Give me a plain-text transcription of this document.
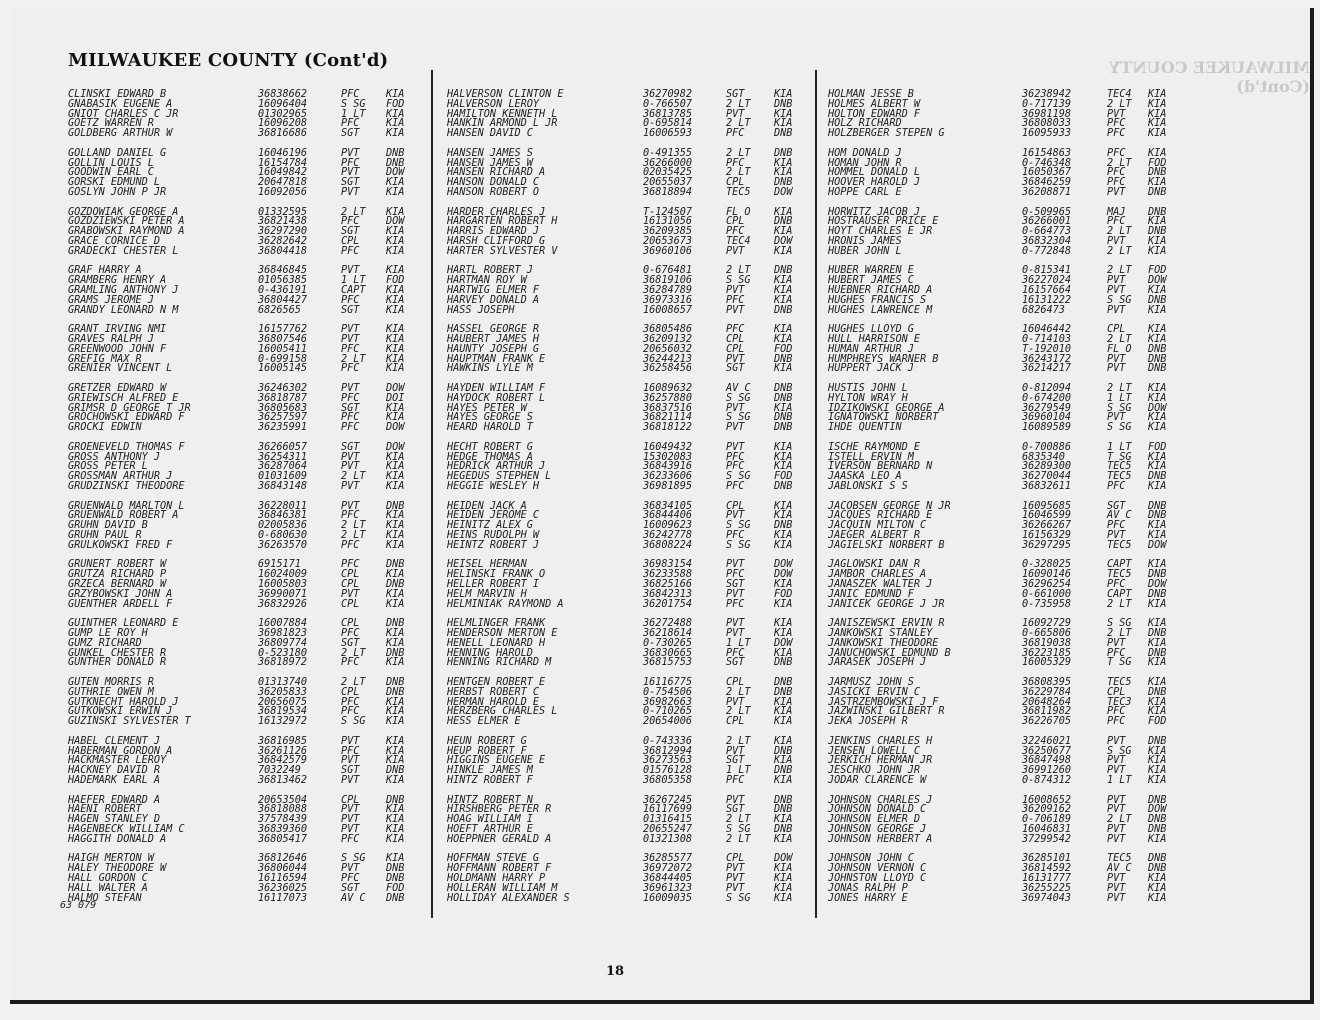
MILWAUKEE COUNTY (Cont'd)	MILWAUKEE COUNTY (Cont'd)
CLINSKI EDWARD B	36838662	PFC	KIA
GNABASIK EUGENE A	16096404	S SG FOD
GNIOT CHARLES C JR	01302965	1 LT KIA
GOETZ WARREN R	16096208	PFC	KIA
GOLDBERG ARTHUR W	36816686	SGT	KIA
GOLLAND DANIEL G	16046196	PVT	DNB
GOLLIN LOUIS L	16154784	PFC	DNB
GOODWIN EARL C	16049842	PVT	DOW
GORSKI EDMUND L	20647818	SGT	KIA
GOSLYN JOHN P JR	16092056	PVT	KIA
GOZDOWIAK GEORGE A	01332595	2 LT KIA
GOZDZIEWSKI PETER A	36821438	PFC	DOW
GRABOWSKI RAYMOND A	36297290	SGT	KIA
GRACE CORNICE D	36282642	CPL	KIA
GRADECKI CHESTER L	36804418	PFC	KIA
GRAF HARRY A	36846845	PVT	KIA
GRAMBERG HENRY A	01056385	1 LT FOD
GRAMLING ANTHONY J	0-436191	CAPT KIA
GRAMS JEROME J	36804427	PFC	KIA
GRANDY LEONARD N M	6826565	SGT	KIA
GRANT IRVING NMI	16157762	PVT	KIA
GRAVES RALPH J	36807546	PVT	KIA
GREENWOOD JOHN F	16005411	PFC	KIA
GREFIG MAX R	0-699158	2 LT KIA
GRENIER VINCENT L	16005145	PFC	KIA
GRETZER EDWARD W	36246302	PVT	DOW
GRIEWISCH ALFRED E	36818787	PFC	DOI
GRIMSR D GEORGE T JR	36805683	SGT	KIA
GROCHOWSKI EDWARD F	36257597	PFC	KIA
GROCKI EDWIN	36235991	PFC	DOW
GROENEVELD THOMAS F	36266057	SGT	DOW
GROSS ANTHONY J	36254311	PVT	KIA
GROSS PETER L	36287064	PVT	KIA
GROSSMAN ARTHUR J	01031609	2 LT KIA
GRUDZINSKI THEODORE	36843148	PVT	KIA
GRUENWALD MARLTON L	36228011	PVT	DNB
GRUENWALD ROBERT A	36846381	PFC	KIA
GRUHN DAVID B	02005836	2 LT KIA
GRUHN PAUL R	0-680630	2 LT KIA
GRULKOWSKI FRED F	36263570	PFC	KIA
GRUNERT ROBERT W	6915171	PFC	DNB
GRUTZA RICHARD P	16024009	CPL	KIA
GRZECA BERNARD W	16005803	CPL	DNB
GRZYBOWSKI JOHN A	36990071	PVT	KIA
GUENTHER ARDELL F	36832926	CPL	KIA
GUINTHER LEONARD E	16007884	CPL	DNB
GUMP LE ROY H	36981823	PFC	KIA
GUMZ RICHARD	36809774	SGT	KIA
GUNKEL CHESTER R	0-523180	2 LT DNB
GUNTHER DONALD R	36818972	PFC	KIA
GUTEN MORRIS R	01313740	2 LT DNB
GUTHRIE OWEN M	36205833	CPL	DNB
GUTKNECHT HAROLD J	20656075	PFC	KIA
GUTKOWSKI ERWIN J	36819534	PFC	KIA
GUZINSKI SYLVESTER T	16132972	S SG KIA
HABEL CLEMENT J	36816985	PVT	KIA
HABERMAN GORDON A	36261126	PFC	KIA
HACKMASTER LEROY	36842579	PVT	KIA
HACKNEY DAVID R	7032249	SGT	DNB
HADEMARK EARL A	36813462	PVT	KIA
HAEFER EDWARD A	20653504	CPL	DNB
HAENI ROBERT	36818088	PVT	KIA
HAGEN STANLEY D	37578439	PVT	KIA
HAGENBECK WILLIAM C	36839360	PVT	KIA
HAGGITH DONALD A	36805417	PFC	KIA
HAIGH MERTON W	36812646	S SG KIA
HALEY THEODORE W	36806044	PVT	DNB
HALL GORDON C	16116594	PFC	DNB
HALL WALTER A	36236025	SGT	FOD
HALMO STEFAN	16117073	AV C DNB
HALVERSON CLINTON E	36270982	SGT	KIA
HALVERSON LEROY	0-766507	2 LT DNB
HAMILTON KENNETH L	36813785	PVT	KIA
HANKIN ARMOND L JR	0-695814	2 LT KIA
HANSEN DAVID C	16006593	PFC	DNB
HANSEN JAMES S	0-491355	2 LT DNB
HANSEN JAMES W	36266000	PFC	KIA
HANSEN RICHARD A	02035425	2 LT KIA
HANSON DONALD C	20655037	CPL	DNB
HANSON ROBERT O	36818894	TEC5 DOW
HARDER CHARLES J	T-124507	FL O KIA
HARGARTEN ROBERT H	16131056	CPL	DNB
HARRIS EDWARD J	36209385	PFC	KIA
HARSH CLIFFORD G	20653673	TEC4 DOW
HARTER SYLVESTER V	36960106	PVT	KIA
HARTL ROBERT J	0-676481	2 LT DNB
HARTMAN ROY W	36819106	S SG KIA
HARTWIG ELMER F	36284789	PVT	KIA
HARVEY DONALD A	36973316	PFC	KIA
HASS JOSEPH	16008657	PVT	DNB
HASSEL GEORGE R	36805486	PFC	KIA
HAUBERT JAMES H	36209132	CPL	KIA
HAUNTY JOSEPH G	20656032	CPL	FOD
HAUPTMAN FRANK E	36244213	PVT	DNB
HAWKINS LYLE M	36258456	SGT	KIA
HAYDEN WILLIAM F	16089632	AV C DNB
HAYDOCK ROBERT L	36257880	S SG DNB
HAYES PETER W	36837516	PVT	KIA
HAYES GEORGE S	36821114	S SG DNB
HEARD HAROLD T	36818122	PVT	DNB
HECHT ROBERT G	16049432	PVT	KIA
HEDGE THOMAS A	15302083	PFC	KIA
HEDRICK ARTHUR J	36843916	PFC	KIA
HEGEDUS STEPHEN L	36233606	S SG FOD
HEGGIE WESLEY H	36981895	PFC	DNB
HEIDEN JACK A	36834105	CPL	KIA
HEIDEN JEROME C	36844406	PVT	KIA
HEINITZ ALEX G	16009623	S SG DNB
HEINS RUDOLPH W	36242778	PFC	KIA
HEINTZ ROBERT J	36808224	S SG KIA
HEISEL HERMAN	36983154	PVT	DOW
HELINSKI FRANK O	36233588	PFC	DOW
HELLER ROBERT I	36825166	SGT	KIA
HELM MARVIN H	36842313	PVT	FOD
HELMINIAK RAYMOND A	36201754	PFC	KIA
HELMLINGER FRANK	36272488	PVT	KIA
HENDERSON MERTON E	36218614	PVT	KIA
HENELL LEONARD H	0-730265	1 LT DOW
HENNING HAROLD	36830665	PFC	KIA
HENNING RICHARD M	36815753	SGT	DNB
HENTGEN ROBERT E	16116775	CPL	DNB
HERBST ROBERT C	0-754506	2 LT DNB
HERMAN HAROLD E	36982663	PVT	KIA
HERZBERG CHARLES L	0-710265	2 LT KIA
HESS ELMER E	20654006	CPL	KIA
HEUN ROBERT G	0-743336	2 LT KIA
HEUP ROBERT F	36812994	PVT	DNB
HIGGINS EUGENE E	36273563	SGT	KIA
HINKLE JAMES M	01576128	1 LT DNB
HINTZ ROBERT F	36805358	PFC	KIA
HINTZ ROBERT N	36267245	PVT	DNB
HIRSHBERG PETER R	16117699	SGT	DNB
HOAG WILLIAM I	01316415	2 LT KIA
HOEFT ARTHUR E	20655247	S SG DNB
HOEPPNER GERALD A	01321308	2 LT KIA
HOFFMAN STEVE G	36285577	CPL	DOW
HOFFMANN ROBERT F	36972072	PVT	KIA
HOLDMANN HARRY P	36844405	PVT	KIA
HOLLERAN WILLIAM M	36961323	PVT	KIA
HOLLIDAY ALEXANDER S	16009035	S SG KIA
HOLMAN JESSE B	36238942	TEC4 KIA
HOLMES ALBERT W	0-717139	2 LT KIA
HOLTON EDWARD F	36981198	PVT KIA
HOLZ RICHARD	36808033	PFC KIA
HOLZBERGER STEPEN G	16095933	PFC KIA
HOM DONALD J	16154863	PFC KIA
HOMAN JOHN R	0-746348	2 LT FOD
HOMMEL DONALD L	16050367	PFC DNB
HOOVER HAROLD J	36846259	PFC KIA
HOPPE CARL E	36208871	PVT DNB
HORWITZ JACOB J	0-509965	MAJ DNB
HOSTRAUSER PRICE E	36266001	PFC KIA
HOYT CHARLES E JR	0-664773	2 LT DNB
HRONIS JAMES	36832304	PVT KIA
HUBER JOHN L	0-772848	2 LT KIA
HUBER WARREN E	0-815341	2 LT FOD
HUBERT JAMES C	36227024	PVT DOW
HUEBNER RICHARD A	16157664	PVT KIA
HUGHES FRANCIS S	16131222	S SG DNB
HUGHES LAWRENCE M	6826473	PVT KIA
HUGHES LLOYD G	16046442	CPL KIA
HULL HARRISON E	0-714103	2 LT KIA
HUMAN ARTHUR J	T-192010	FL O DNB
HUMPHREYS WARNER B	36243172	PVT DNB
HUPPERT JACK J	36214217	PVT DNB
HUSTIS JOHN L	0-812094	2 LT KIA
HYLTON WRAY H	0-674200	1 LT KIA
IDZIKOWSKI GEORGE A	36279549	S SG DOW
IGNATOWSKI NORBERT	36960104	PVT KIA
IHDE QUENTIN	16089589	S SG KIA
ISCHE RAYMOND E	0-700886	1 LT FOD
ISTELL ERVIN M	6835340	T SG KIA
IVERSON BERNARD N	36289300	TEC5 KIA
JAASKA LEO A	36270044	TEC5 DNB
JABLONSKI S S	36832611	PFC KIA
JACOBSEN GEORGE N JR	16095685	SGT DNB
JACQUES RICHARD E	16046599	AV C DNB
JACQUIN MILTON C	36266267	PFC KIA
JAEGER ALBERT R	16156329	PVT KIA
JAGIELSKI NORBERT B	36297295	TEC5 DOW
JAGLOWSKI DAN R	0-328025	CAPT KIA
JAMBOR CHARLES A	16090146	TEC5 DNB
JANASZEK WALTER J	36296254	PFC DOW
JANIC EDMUND F	0-661000	CAPT DNB
JANICEK GEORGE J JR	0-735958	2 LT KIA
JANISZEWSKI ERVIN R	16092729	S SG KIA
JANKOWSKI STANLEY	0-665806	2 LT DNB
JANKOWSKI THEODORE	36819038	PVT KIA
JANUCHOWSKI EDMUND B	36223185	PFC DNB
JARASEK JOSEPH J	16005329	T SG KIA
JARMUSZ JOHN S	36808395	TEC5 KIA
JASICKI ERVIN C	36229784	CPL DNB
JASTRZEMBOWSKI J F	20648264	TEC3 KIA
JAZWINSKI GILBERT R	36811982	PFC KIA
JEKA JOSEPH R	36226705	PFC FOD
JENKINS CHARLES H	32246021	PVT DNB
JENSEN LOWELL C	36250677	S SG KIA
JERKICH HERMAN JR	36847498	PVT KIA
JESCHKO JOHN JR	36991260	PVT KIA
JODAR CLARENCE W	0-874312	1 LT KIA
JOHNSON CHARLES J	16008652	PVT DNB
JOHNSON DONALD C	36209162	PVT DOW
JOHNSON ELMER D	0-706189	2 LT DNB
JOHNSON GEORGE J	16046831	PVT DNB
JOHNSON HERBERT A	37299542	PVT KIA
JOHNSON JOHN C	36285101	TEC5 DNB
JOHNSON VERNON C	36814592	AV C DNB
JOHNSTON LLOYD C	16131777	PVT KIA
JONAS RALPH P	36255225	PVT KIA
JONES HARRY E	36974043	PVT KIA
63 079
18
